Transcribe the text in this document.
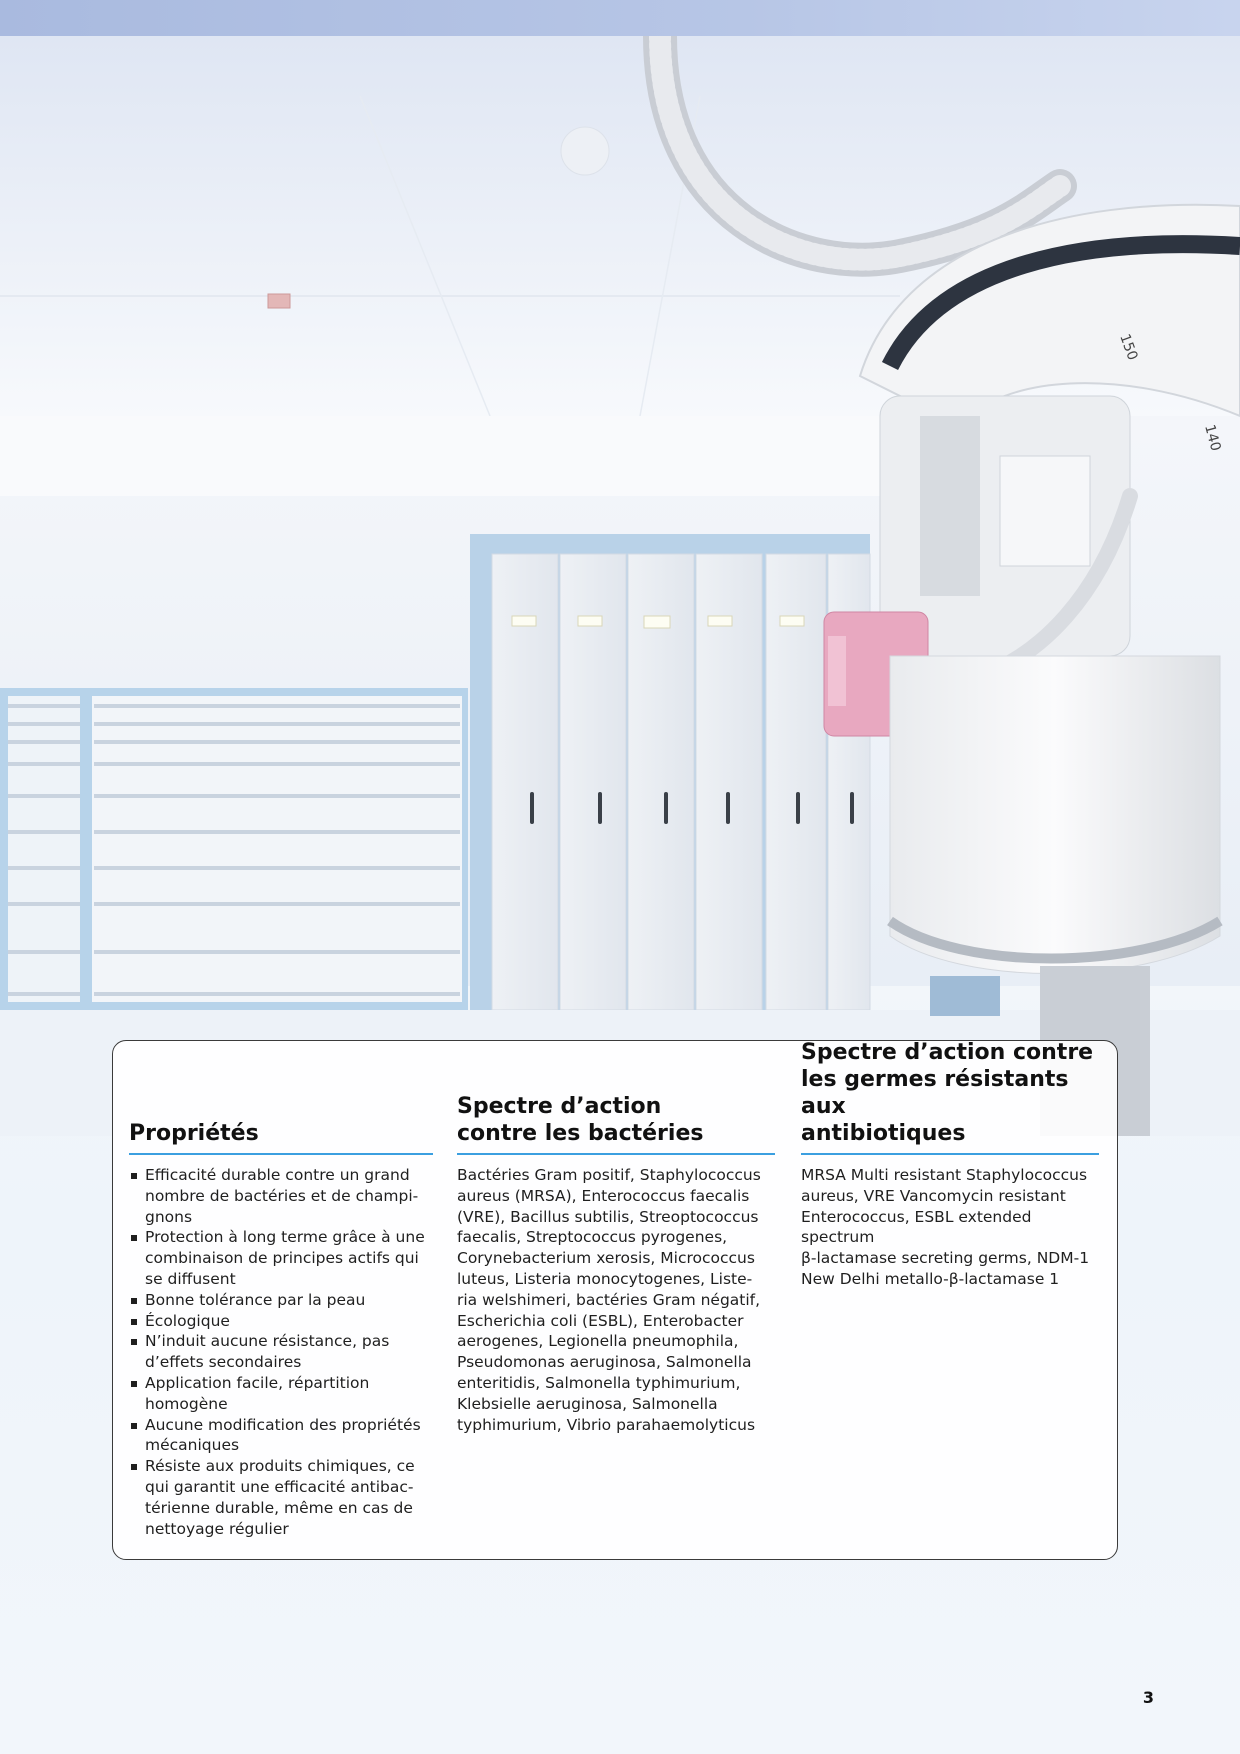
150
140
Propriétés
Efficacité durable contre un grand
nombre de bactéries et de champi-
gnons
Protection à long terme grâce à une
combinaison de principes actifs qui
se diffusent
Bonne tolérance par la peau
Écologique
N’induit aucune résistance, pas
d’effets secondaires
Application facile, répartition
homogène
Aucune modification des propriétés
mécaniques
Résiste aux produits chimiques, ce
qui garantit une efficacité antibac-
térienne durable, même en cas de
nettoyage régulier
Spectre d’action
contre les bactéries

Bactéries Gram positif, Staphylococcus
aureus (MRSA), Enterococcus faecalis
(VRE), Bacillus subtilis, Streoptococcus
faecalis, Streptococcus pyrogenes,
Corynebacterium xerosis, Micrococcus
luteus, Listeria monocytogenes, Liste-
ria welshimeri, bactéries Gram négatif,
Escherichia coli (ESBL), Enterobacter
aerogenes, Legionella pneumophila,
Pseudomonas aeruginosa, Salmonella
enteritidis, Salmonella typhimurium,
Klebsielle aeruginosa, Salmonella
typhimurium, Vibrio parahaemolyticus

Spectre d’action contre
les germes résistants aux
antibiotiques

MRSA Multi resistant Staphylococcus
aureus, VRE Vancomycin resistant
Enterococcus, ESBL extended spectrum
β-lactamase secreting germs, NDM-1
New Delhi metallo-β-lactamase 1

3
